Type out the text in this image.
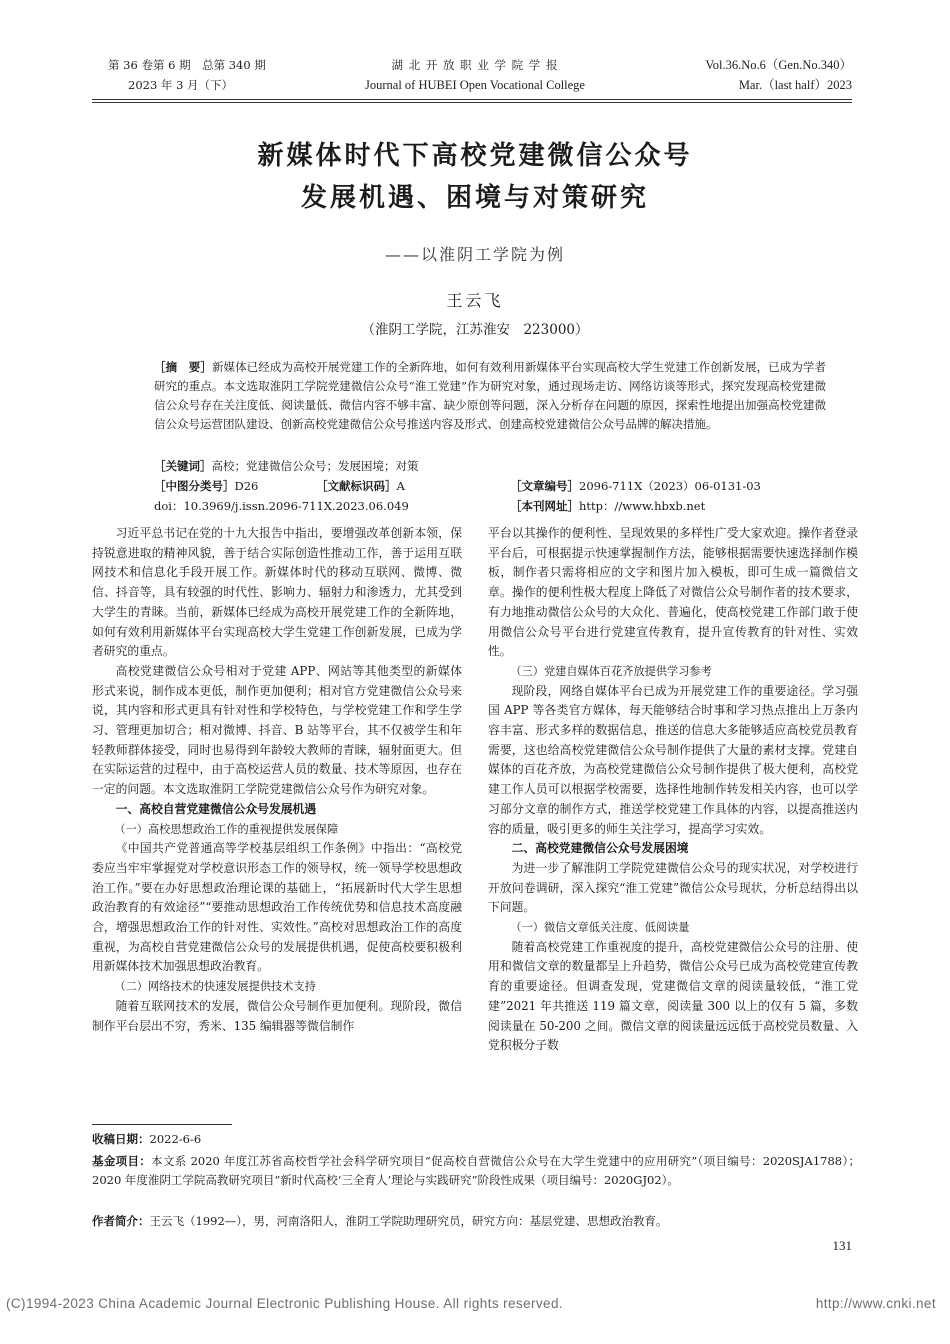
第 36 卷第 6 期　总第 340 期
2023 年 3 月（下）
湖 北 开 放 职 业 学 院 学 报
Journal of HUBEI Open Vocational College
Vol.36.No.6（Gen.No.340）
Mar.（last half）2023
新媒体时代下高校党建微信公众号
发展机遇、困境与对策研究
——以淮阴工学院为例
王云飞
（淮阴工学院，江苏淮安　223000）
［摘　要］新媒体已经成为高校开展党建工作的全新阵地，如何有效利用新媒体平台实现高校大学生党建工作创新发展，已成为学者研究的重点。本文选取淮阴工学院党建微信公众号“淮工党建”作为研究对象，通过现场走访、网络访谈等形式，探究发现高校党建微信公众号存在关注度低、阅读量低、微信内容不够丰富、缺少原创等问题，深入分析存在问题的原因，探索性地提出加强高校党建微信公众号运营团队建设、创新高校党建微信公众号推送内容及形式、创建高校党建微信公众号品牌的解决措施。
［关键词］高校；党建微信公众号；发展困境；对策
［中图分类号］D26	［文献标识码］A	［文章编号］2096-711X（2023）06-0131-03
doi：10.3969/j.issn.2096-711X.2023.06.049	［本刊网址］http：//www.hbxb.net

习近平总书记在党的十九大报告中指出，要增强改革创新本领，保持锐意进取的精神风貌，善于结合实际创造性推动工作，善于运用互联网技术和信息化手段开展工作。新媒体时代的移动互联网、微博、微信、抖音等，具有较强的时代性、影响力、辐射力和渗透力，尤其受到大学生的青睐。当前，新媒体已经成为高校开展党建工作的全新阵地，如何有效利用新媒体平台实现高校大学生党建工作创新发展，已成为学者研究的重点。

高校党建微信公众号相对于党建 APP、网站等其他类型的新媒体形式来说，制作成本更低，制作更加便利；相对官方党建微信公众号来说，其内容和形式更具有针对性和学校特色，与学校党建工作和学生学习、管理更加切合；相对微博、抖音、B 站等平台，其不仅被学生和年轻教师群体接受，同时也易得到年龄较大教师的青睐，辐射面更大。但在实际运营的过程中，由于高校运营人员的数量、技术等原因，也存在一定的问题。本文选取淮阴工学院党建微信公众号作为研究对象。

一、高校自营党建微信公众号发展机遇
（一）高校思想政治工作的重视提供发展保障

《中国共产党普通高等学校基层组织工作条例》中指出：“高校党委应当牢牢掌握党对学校意识形态工作的领导权，统一领导学校思想政治工作。”要在办好思想政治理论课的基础上，“拓展新时代大学生思想政治教育的有效途径”“要推动思想政治工作传统优势和信息技术高度融合，增强思想政治工作的针对性、实效性。”高校对思想政治工作的高度重视，为高校自营党建微信公众号的发展提供机遇，促使高校要积极利用新媒体技术加强思想政治教育。

（二）网络技术的快速发展提供技术支持

随着互联网技术的发展，微信公众号制作更加便利。现阶段，微信制作平台层出不穷，秀米、135 编辑器等微信制作

平台以其操作的便利性、呈现效果的多样性广受大家欢迎。操作者登录平台后，可根据提示快速掌握制作方法，能够根据需要快速选择制作模板，制作者只需将相应的文字和图片加入模板，即可生成一篇微信文章。操作的便利性极大程度上降低了对微信公众号制作者的技术要求，有力地推动微信公众号的大众化、普遍化，使高校党建工作部门敢于使用微信公众号平台进行党建宣传教育，提升宣传教育的针对性、实效性。

（三）党建自媒体百花齐放提供学习参考

现阶段，网络自媒体平台已成为开展党建工作的重要途径。学习强国 APP 等各类官方媒体，每天能够结合时事和学习热点推出上万条内容丰富、形式多样的数据信息，推送的信息大多能够适应高校党员教育需要，这也给高校党建微信公众号制作提供了大量的素材支撑。党建自媒体的百花齐放，为高校党建微信公众号制作提供了极大便利，高校党建工作人员可以根据学校需要，选择性地制作转发相关内容，也可以学习部分文章的制作方式，推送学校党建工作具体的内容，以提高推送内容的质量，吸引更多的师生关注学习，提高学习实效。

二、高校党建微信公众号发展困境

为进一步了解淮阴工学院党建微信公众号的现实状况，对学校进行开放问卷调研，深入探究“淮工党建”微信公众号现状，分析总结得出以下问题。

（一）微信文章低关注度、低阅读量

随着高校党建工作重视度的提升，高校党建微信公众号的注册、使用和微信文章的数量都呈上升趋势，微信公众号已成为高校党建宣传教育的重要途径。但调查发现，党建微信文章的阅读量较低，“淮工党建”2021 年共推送 119 篇文章，阅读量 300 以上的仅有 5 篇，多数阅读量在 50-200 之间。微信文章的阅读量远远低于高校党员数量、入党积极分子数

收稿日期：2022-6-6
基金项目：本文系 2020 年度江苏省高校哲学社会科学研究项目“促高校自营微信公众号在大学生党建中的应用研究”（项目编号：2020SJA1788）；2020 年度淮阴工学院高教研究项目“新时代高校‘三全育人’理论与实践研究”阶段性成果（项目编号：2020GJ02）。
作者简介：王云飞（1992—），男，河南洛阳人，淮阴工学院助理研究员，研究方向：基层党建、思想政治教育。
131
(C)1994-2023 China Academic Journal Electronic Publishing House. All rights reserved.	http://www.cnki.net
